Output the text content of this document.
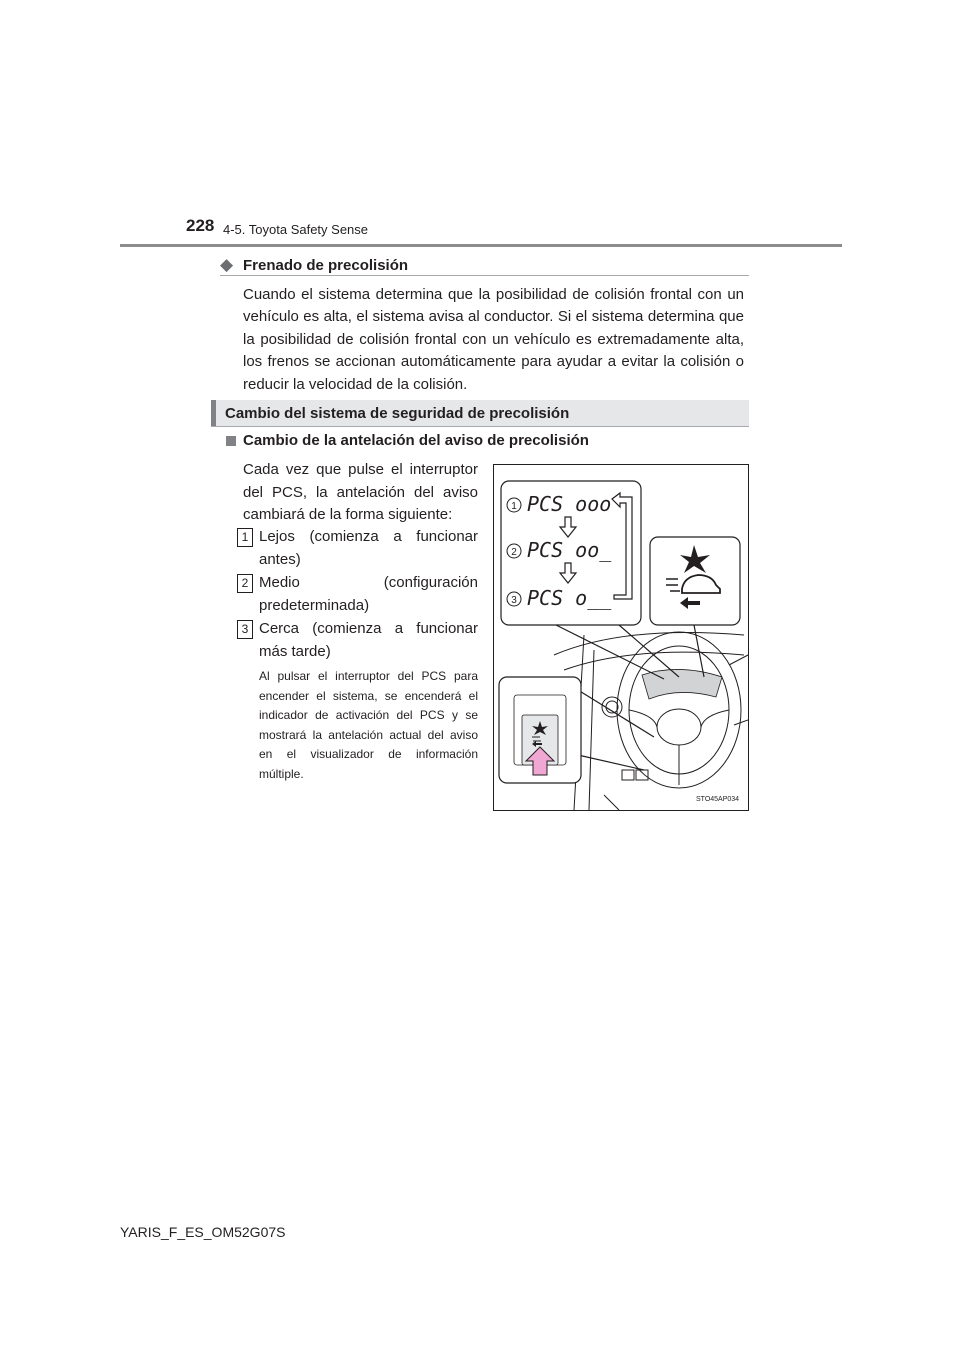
228 4-5. Toyota Safety Sense
◆ Frenado de precolisión
Cuando el sistema determina que la posibilidad de colisión frontal con un vehículo es alta, el sistema avisa al conductor. Si el sistema determina que la posibilidad de colisión frontal con un vehículo es extremadamente alta, los frenos se accionan automáticamente para ayudar a evitar la colisión o reducir la velocidad de la colisión.
Cambio del sistema de seguridad de precolisión
Cambio de la antelación del aviso de precolisión
Cada vez que pulse el interruptor del PCS, la antelación del aviso cambiará de la forma siguiente:
1 Lejos (comienza a funcionar antes)
2 Medio (configuración predeterminada)
3 Cerca (comienza a funcionar más tarde)
Al pulsar el interruptor del PCS para encender el sistema, se encenderá el indicador de activación del PCS y se mostrará la antelación actual del aviso en el visualizador de información múltiple.
1
2
3
PCS ooo
PCS oo_
PCS o__
STO45AP034
YARIS_F_ES_OM52G07S
